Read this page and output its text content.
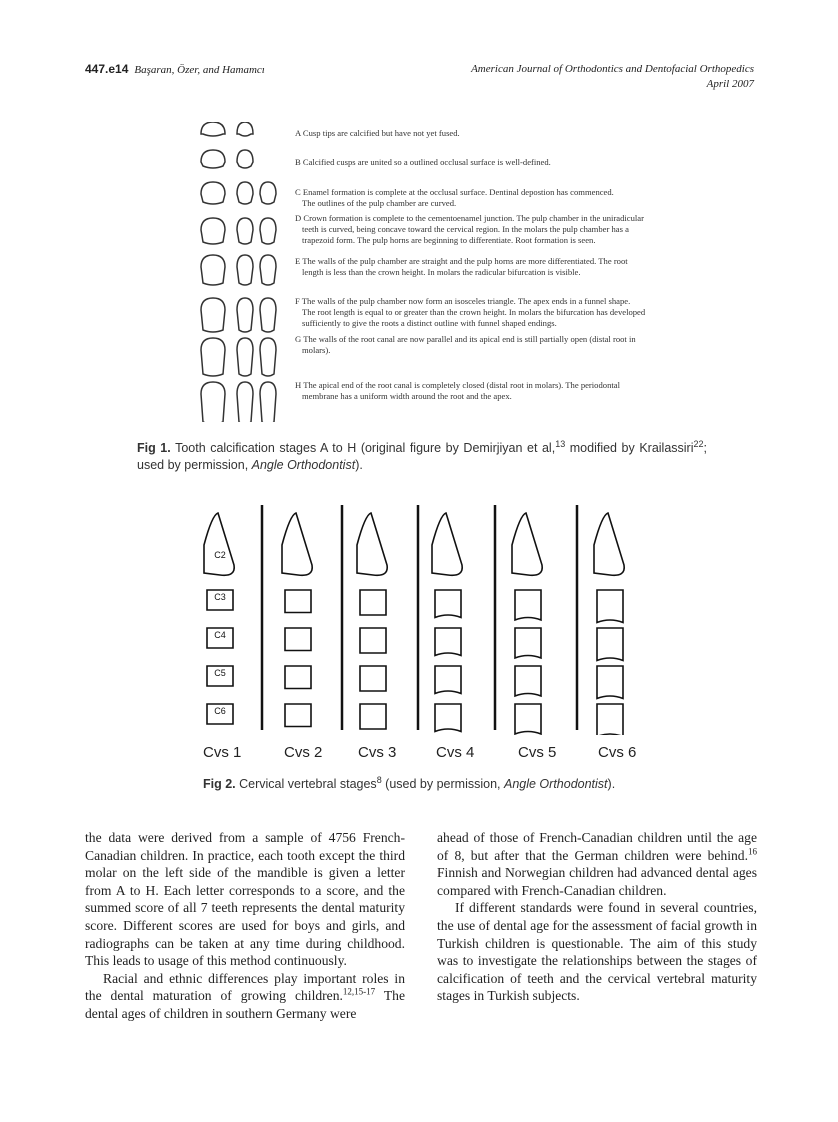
447.e14 Başaran, Özer, and Hamamcı	American Journal of Orthodontics and Dentofacial Orthopedics
April 2007
A Cusp tips are calcified but have not yet fused.
B Calcified cusps are united so a outlined occlusal surface is well-defined.
C Enamel formation is complete at the occlusal surface. Dentinal depostion has commenced.
The outlines of the pulp chamber are curved.
D Crown formation is complete to the cementoenamel junction. The pulp chamber in the uniradicular
teeth is curved, being concave toward the cervical region. In the molars the pulp chamber has a trapezoid form. The pulp horns are beginning to differentiate. Root formation is seen.
E The walls of the pulp chamber are straight and the pulp horns are more differentiated. The root
length is less than the crown height. In molars the radicular bifurcation is visible.
F The walls of the pulp chamber now form an isosceles triangle. The apex ends in a funnel shape.
The root length is equal to or greater than the crown height. In molars the bifurcation has developed sufficiently to give the roots a distinct outline with funnel shaped endings.
G The walls of the root canal are now parallel and its apical end is still partially open (distal root in
molars).
H The apical end of the root canal is completely closed (distal root in molars). The periodontal
membrane has a uniform width around the root and the apex.
Fig 1. Tooth calcification stages A to H (original figure by Demirjiyan et al,$^{13}$ modified by Krailassiri$^{22}$; used by permission, Angle Orthodontist).
C2
C3
C4
C5
C6
Cvs 1	Cvs 2 Cvs 3	Cvs 4	Cvs 5	Cvs 6
Fig 2. Cervical vertebral stages$^8$ (used by permission, Angle Orthodontist).

the data were derived from a sample of 4756 French-Canadian children. In practice, each tooth except the third molar on the left side of the mandible is given a letter from A to H. Each letter corresponds to a score, and the summed score of all 7 teeth represents the dental maturity score. Different scores are used for boys and girls, and radiographs can be taken at any time during childhood. This leads to usage of this method continuously.

Racial and ethnic differences play important roles in the dental maturation of growing children.$^{12,15-17}$ The dental ages of children in southern Germany were

ahead of those of French-Canadian children until the age of 8, but after that the German children were behind.$^{16}$ Finnish and Norwegian children had advanced dental ages compared with French-Canadian children.

If different standards were found in several countries, the use of dental age for the assessment of facial growth in Turkish children is questionable. The aim of this study was to investigate the relationships between the stages of calcification of teeth and the cervical vertebral maturity stages in Turkish subjects.
